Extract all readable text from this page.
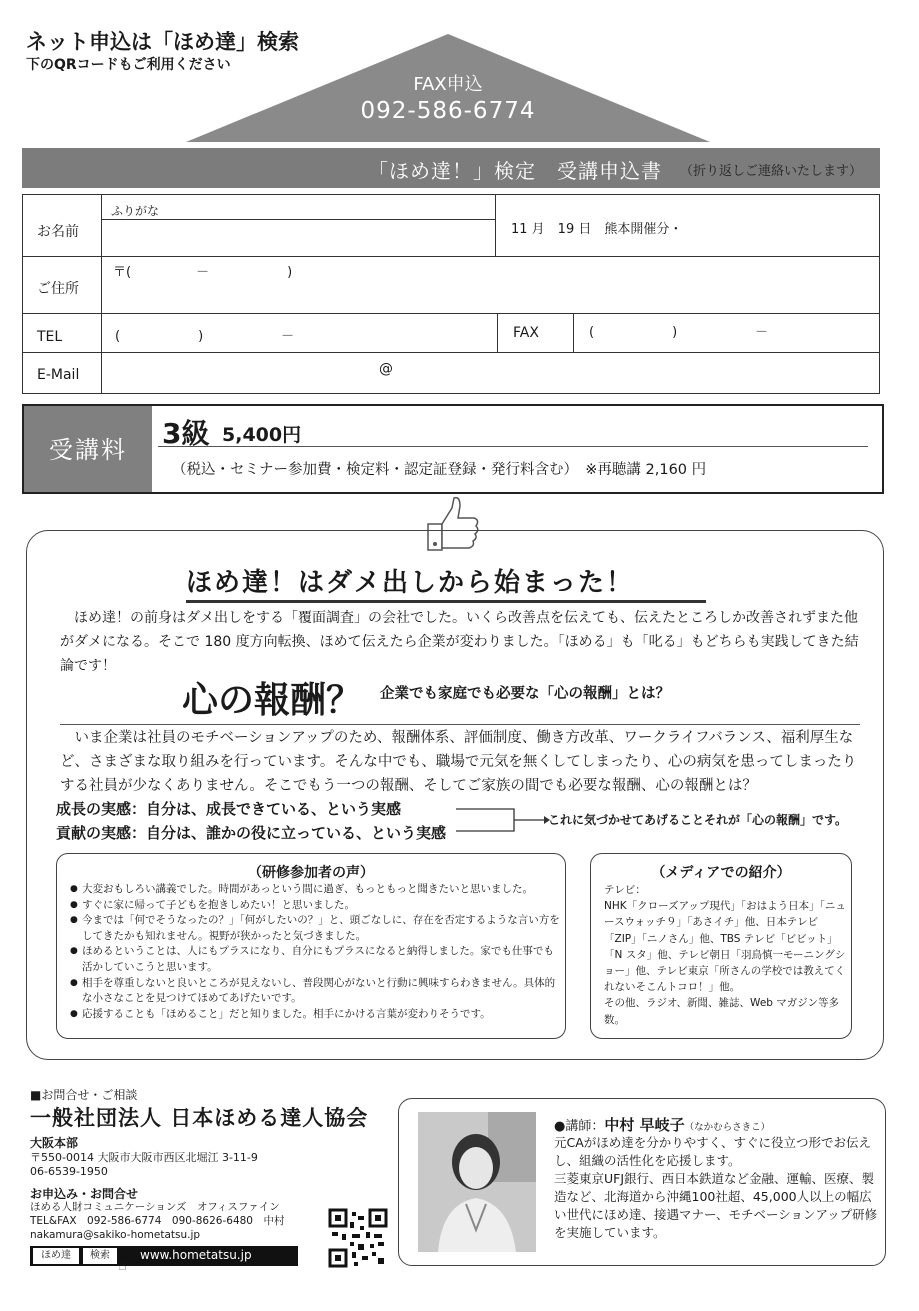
ネット申込は「ほめ達」検索
下のQRコードもご利用ください
FAX申込
092-586-6774
「ほめ達！」検定　受講申込書 （折り返しご連絡いたします）
お名前
ふりがな
11 月　19 日　熊本開催分・
ご住所
〒(　　　　　－　　　　　　)
TEL	(　　　　　　)　　　　　　－	FAX	(　　　　　　)　　　　　　－
E-Mail	@
受講料	3級 5,400円
（税込・セミナー参加費・検定料・認定証登録・発行料含む）　※再聴講 2,160 円
ほめ達！はダメ出しから始まった！
　ほめ達！の前身はダメ出しをする「覆面調査」の会社でした。いくら改善点を伝えても、伝えたところしか改善されずまた他がダメになる。そこで 180 度方向転換、ほめて伝えたら企業が変わりました。「ほめる」も「叱る」もどちらも実践してきた結論です！
心の報酬？ 企業でも家庭でも必要な「心の報酬」とは？
　いま企業は社員のモチベーションアップのため、報酬体系、評価制度、働き方改革、ワークライフバランス、福利厚生など、さまざまな取り組みを行っています。そんな中でも、職場で元気を無くしてしまったり、心の病気を患ってしまったりする社員が少なくありません。そこでもう一つの報酬、そしてご家族の間でも必要な報酬、心の報酬とは？
成長の実感：自分は、成長できている、という実感
貢献の実感：自分は、誰かの役に立っている、という実感
これに気づかせてあげることそれが「心の報酬」です。
（研修参加者の声）
● 大変おもしろい講義でした。時間があっという間に過ぎ、もっともっと聞きたいと思いました。
● すぐに家に帰って子どもを抱きしめたい！と思いました。
● 今までは「何でそうなったの？」「何がしたいの？」と、頭ごなしに、存在を否定するような言い方をしてきたかも知れません。視野が狭かったと気づきました。
● ほめるということは、人にもプラスになり、自分にもプラスになると納得しました。家でも仕事でも活かしていこうと思います。
● 相手を尊重しないと良いところが見えないし、普段関心がないと行動に興味すらわきません。具体的な小さなことを見つけてほめてあげたいです。
● 応援することも「ほめること」だと知りました。相手にかける言葉が変わりそうです。
（メディアでの紹介）
テレビ：
NHK「クローズアップ現代」「おはよう日本」「ニュースウォッチ９」「あさイチ」他、日本テレビ「ZIP」「ニノさん」他、TBS テレビ「ビビット」「N スタ」他、テレビ朝日「羽鳥慎一モーニングショー」他、テレビ東京「所さんの学校では教えてくれないそこんトコロ！」他。
その他、ラジオ、新聞、雑誌、Web マガジン等多数。
■お問合せ・ご相談
一般社団法人 日本ほめる達人協会
大阪本部
〒550-0014 大阪市大阪市西区北堀江 3-11-9
06-6539-1950
お申込み・お問合せ
ほめる人財コミュニケーションズ　オフィスファイン
TEL&FAX　092-586-6774　090-8626-6480　中村
nakamura@sakiko-hometatsu.jp
ほめ達	検索	www.hometatsu.jp
☝
●講師：中村 早岐子（なかむらさきこ）
元CAがほめ達を分かりやすく、すぐに役立つ形でお伝えし、組織の活性化を応援します。
三菱東京UFJ銀行、西日本鉄道など金融、運輸、医療、製造など、北海道から沖縄100社超、45,000人以上の幅広い世代にほめ達、接遇マナー、モチベーションアップ研修を実施しています。
